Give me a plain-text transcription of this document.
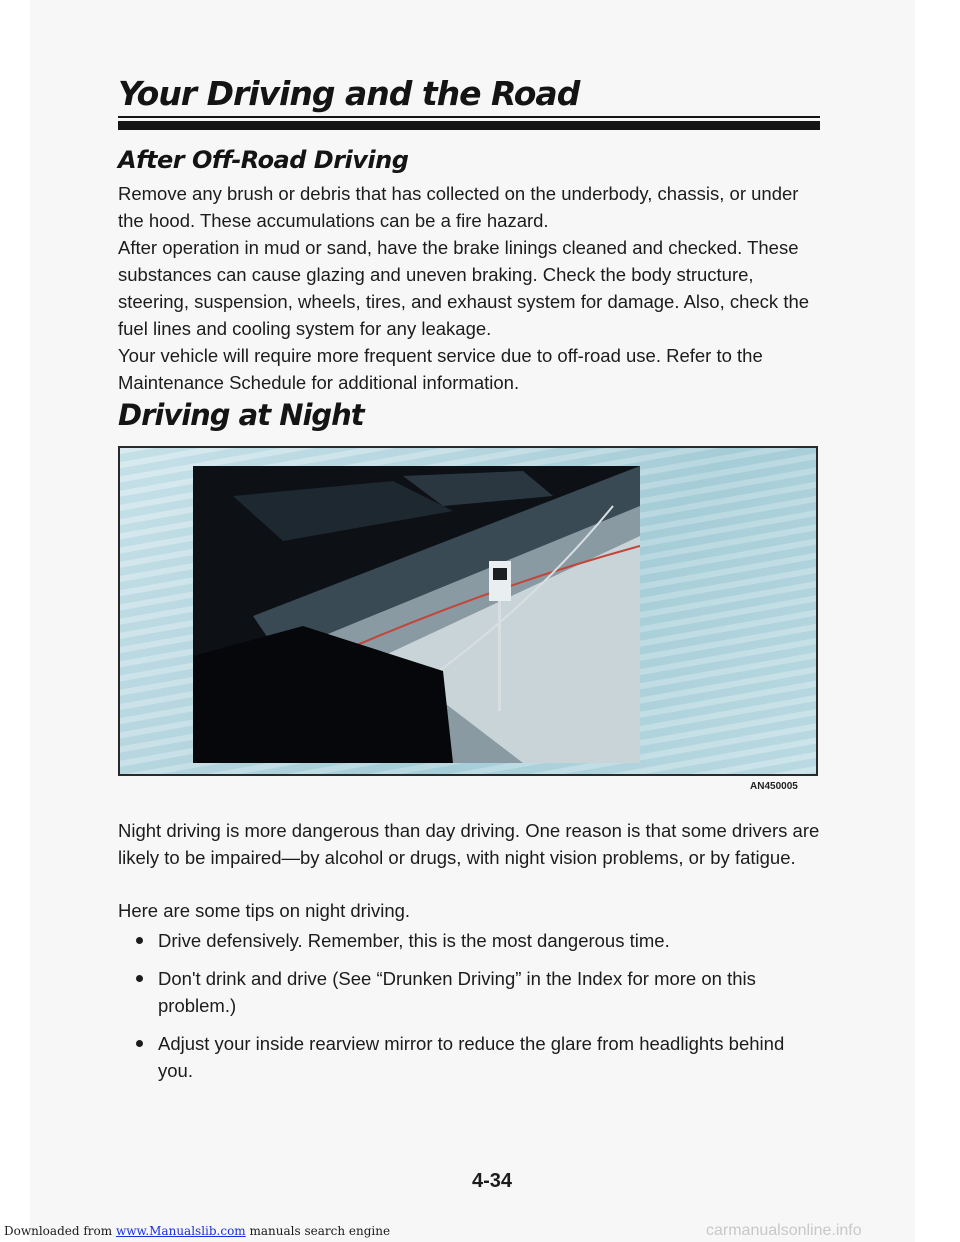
Your Driving and the Road
After Off-Road Driving

Remove any brush or debris that has collected on the underbody, chassis, or under the hood. These accumulations can be a fire hazard.

After operation in mud or sand, have the brake linings cleaned and checked. These substances can cause glazing and uneven braking. Check the body structure, steering, suspension, wheels, tires, and exhaust system for damage. Also, check the fuel lines and cooling system for any leakage.

Your vehicle will require more frequent service due to off-road use. Refer to the Maintenance Schedule for additional information.

Driving at Night

AN450005

Night driving is more dangerous than day driving. One reason is that some drivers are likely to be impaired—by alcohol or drugs, with night vision problems, or by fatigue.

Here are some tips on night driving.

Drive defensively. Remember, this is the most dangerous time.
Don't drink and drive (See “Drunken Driving” in the Index for more on this problem.)
Adjust your inside rearview mirror to reduce the glare from headlights behind you.

4-34

Downloaded from www.Manualslib.com manuals search engine	carmanualsonline.info
